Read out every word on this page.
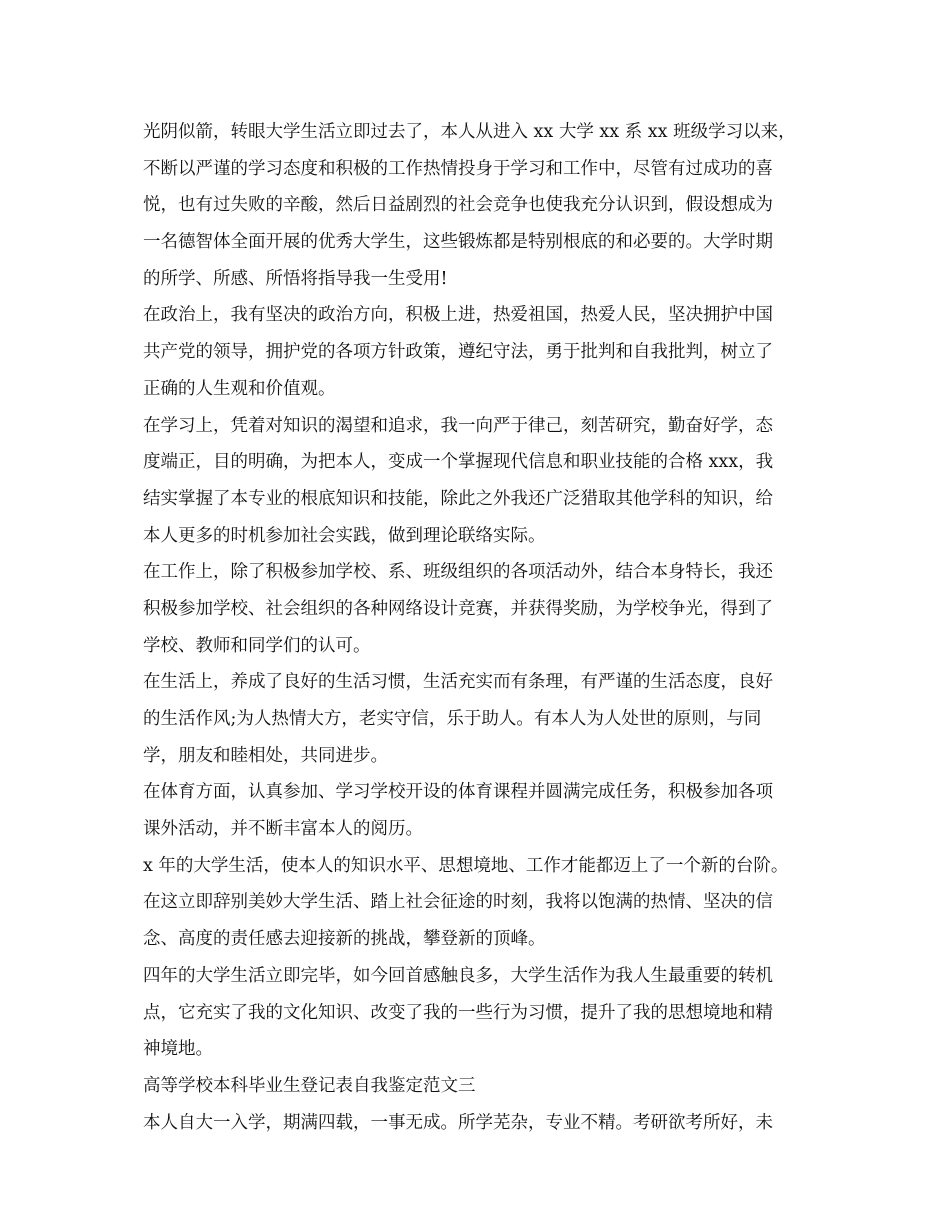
光阴似箭，转眼大学生活立即过去了，本人从进入 xx 大学 xx 系 xx 班级学习以来，
不断以严谨的学习态度和积极的工作热情投身于学习和工作中，尽管有过成功的喜
悦，也有过失败的辛酸，然后日益剧烈的社会竞争也使我充分认识到，假设想成为
一名德智体全面开展的优秀大学生，这些锻炼都是特别根底的和必要的。大学时期
的所学、所感、所悟将指导我一生受用!
在政治上，我有坚决的政治方向，积极上进，热爱祖国，热爱人民，坚决拥护中国
共产党的领导，拥护党的各项方针政策，遵纪守法，勇于批判和自我批判，树立了
正确的人生观和价值观。
在学习上，凭着对知识的渴望和追求，我一向严于律己，刻苦研究，勤奋好学，态
度端正，目的明确，为把本人，变成一个掌握现代信息和职业技能的合格 xxx，我
结实掌握了本专业的根底知识和技能，除此之外我还广泛猎取其他学科的知识，给
本人更多的时机参加社会实践，做到理论联络实际。
在工作上，除了积极参加学校、系、班级组织的各项活动外，结合本身特长，我还
积极参加学校、社会组织的各种网络设计竞赛，并获得奖励，为学校争光，得到了
学校、教师和同学们的认可。
在生活上，养成了良好的生活习惯，生活充实而有条理，有严谨的生活态度，良好
的生活作风;为人热情大方，老实守信，乐于助人。有本人为人处世的原则，与同
学，朋友和睦相处，共同进步。
在体育方面，认真参加、学习学校开设的体育课程并圆满完成任务，积极参加各项
课外活动，并不断丰富本人的阅历。
x 年的大学生活，使本人的知识水平、思想境地、工作才能都迈上了一个新的台阶。
在这立即辞别美妙大学生活、踏上社会征途的时刻，我将以饱满的热情、坚决的信
念、高度的责任感去迎接新的挑战，攀登新的顶峰。
四年的大学生活立即完毕，如今回首感触良多，大学生活作为我人生最重要的转机
点，它充实了我的文化知识、改变了我的一些行为习惯，提升了我的思想境地和精
神境地。
高等学校本科毕业生登记表自我鉴定范文三
本人自大一入学，期满四载，一事无成。所学芜杂，专业不精。考研欲考所好，未
